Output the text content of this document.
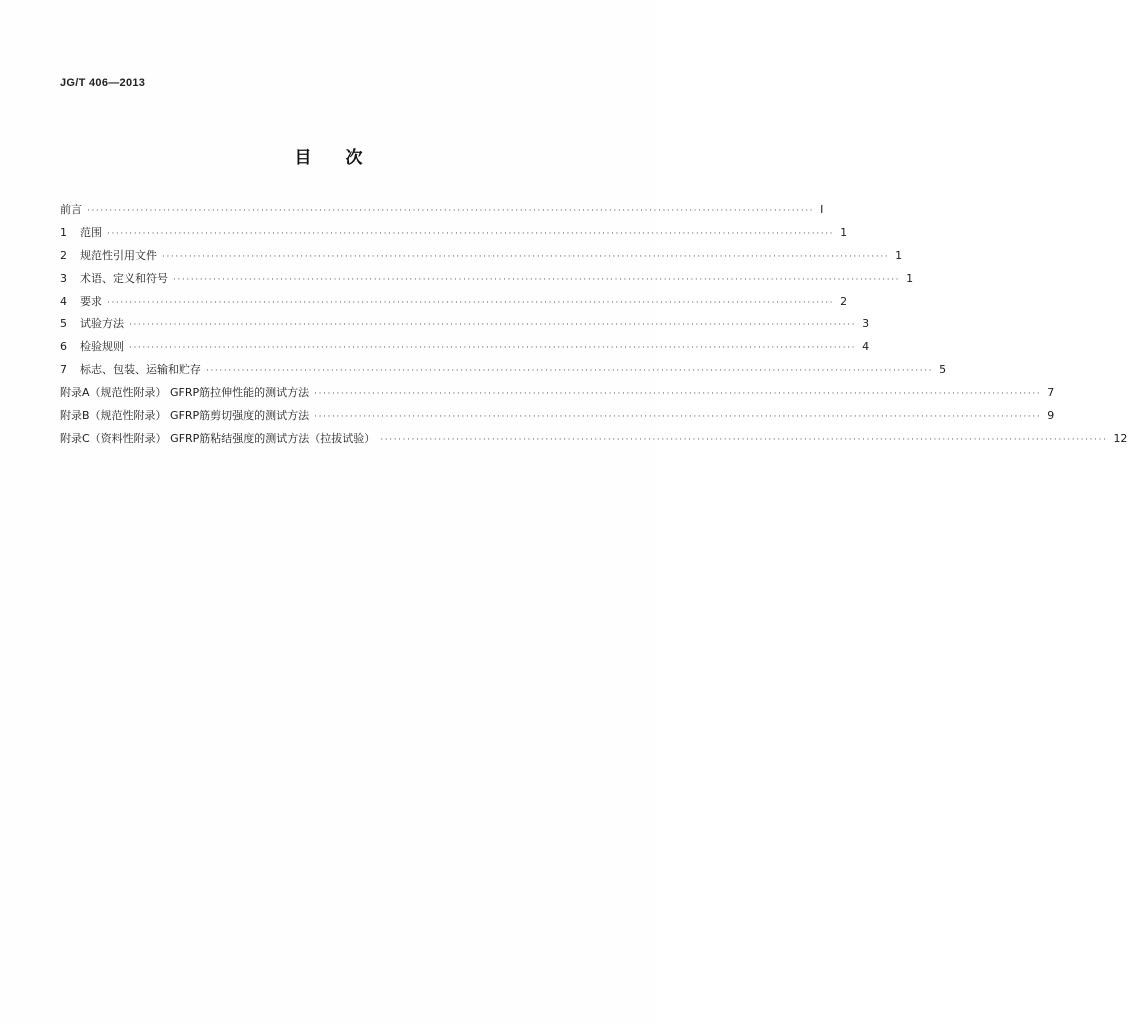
JG/T 406—2013
目次
前言 ·····	I
1	范围 ·····	1
2	规范性引用文件 ·····	1
3	术语、定义和符号 ·····	1
4	要求 ·····	2
5	试验方法 ·····	3
6	检验规则 ·····	4
7	标志、包装、运输和贮存 ·····	5
附录A（规范性附录） GFRP筋拉伸性能的测试方法 ·····	7
附录B（规范性附录） GFRP筋剪切强度的测试方法 ·····	9
附录C（资料性附录） GFRP筋粘结强度的测试方法（拉拔试验） ·····	12
